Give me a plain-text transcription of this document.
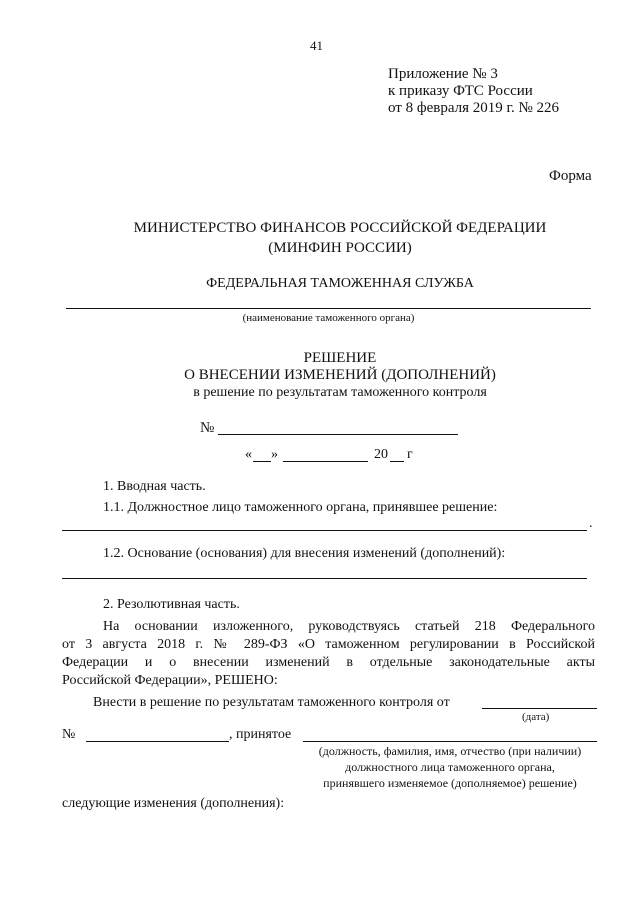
41
Приложение № 3
к приказу ФТС России
от 8 февраля 2019 г. № 226
Форма
МИНИСТЕРСТВО ФИНАНСОВ РОССИЙСКОЙ ФЕДЕРАЦИИ
(МИНФИН РОССИИ)
ФЕДЕРАЛЬНАЯ ТАМОЖЕННАЯ СЛУЖБА
(наименование таможенного органа)
РЕШЕНИЕ
О ВНЕСЕНИИ ИЗМЕНЕНИЙ (ДОПОЛНЕНИЙ)
в решение по результатам таможенного контроля
№
« »	20 г
1. Вводная часть.
1.1. Должностное лицо таможенного органа, принявшее решение:
.
1.2. Основание (основания) для внесения изменений (дополнений):
2. Резолютивная часть.
На основании изложенного, руководствуясь статьей 218 Федерального
от 3 августа 2018 г. № 289-ФЗ «О таможенном регулировании в Российской
Федерации и о внесении изменений в отдельные законодательные акты
Российской Федерации», РЕШЕНО:
Внести в решение по результатам таможенного контроля от
(дата)
№	, принятое
(должность, фамилия, имя, отчество (при наличии)
должностного лица таможенного органа,
принявшего изменяемое (дополняемое) решение)
следующие изменения (дополнения):
